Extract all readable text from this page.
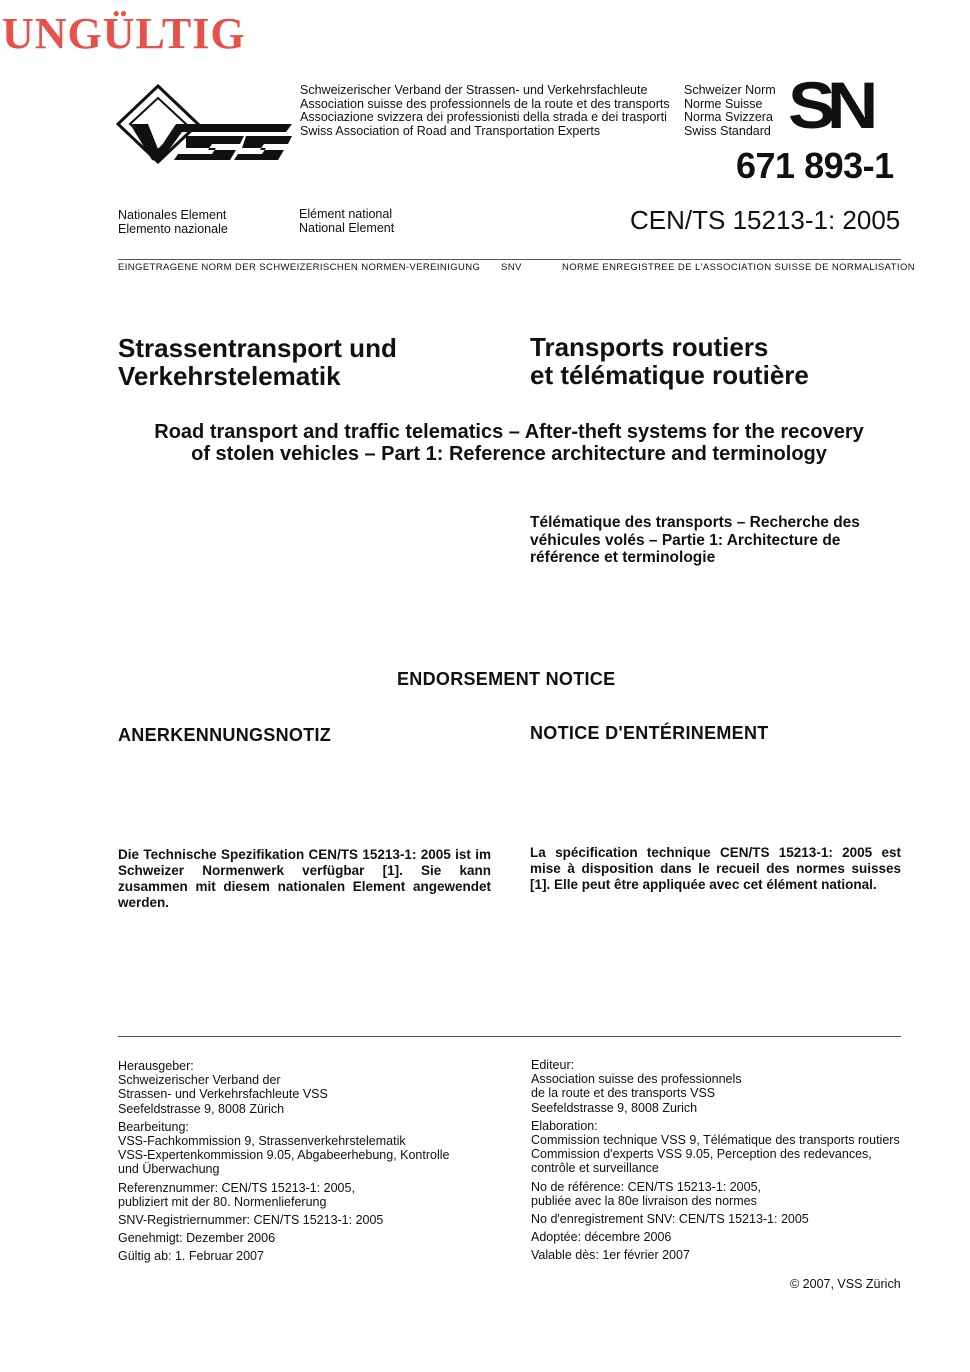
UNGÜLTIG
Schweizerischer Verband der Strassen- und Verkehrsfachleute
Association suisse des professionnels de la route et des transports
Associazione svizzera dei professionisti della strada e dei trasporti
Swiss Association of Road and Transportation Experts
Schweizer Norm
Norme Suisse
Norma Svizzera
Swiss Standard SN
671 893-1
CEN/TS 15213-1: 2005
Nationales Element
Elemento nazionale
Elément national
National Element
EINGETRAGENE NORM DER SCHWEIZERISCHEN NORMEN-VEREINIGUNG SNV	NORME ENREGISTREE DE L'ASSOCIATION SUISSE DE NORMALISATION
Strassentransport und
Verkehrstelematik
Transports routiers
et télématique routière
Road transport and traffic telematics – After-theft systems for the recovery
of stolen vehicles – Part 1: Reference architecture and terminology
Télématique des transports – Recherche des
véhicules volés – Partie 1: Architecture de
référence et terminologie
ENDORSEMENT NOTICE
ANERKENNUNGSNOTIZ	NOTICE D'ENTÉRINEMENT
Die Technische Spezifikation CEN/TS 15213-1: 2005 ist im Schweizer Normenwerk verfügbar [1]. Sie kann zusammen mit diesem nationalen Element angewendet werden.
La spécification technique CEN/TS 15213-1: 2005 est mise à disposition dans le recueil des normes suisses [1]. Elle peut être appliquée avec cet élément national.
Herausgeber:
Schweizerischer Verband der
Strassen- und Verkehrsfachleute VSS
Seefeldstrasse 9, 8008 Zürich
Bearbeitung:
VSS-Fachkommission 9, Strassenverkehrstelematik
VSS-Expertenkommission 9.05, Abgabeerhebung, Kontrolle
und Überwachung
Referenznummer: CEN/TS 15213-1: 2005,
publiziert mit der 80. Normenlieferung
SNV-Registriernummer: CEN/TS 15213-1: 2005
Genehmigt: Dezember 2006
Gültig ab: 1. Februar 2007
Editeur:
Association suisse des professionnels
de la route et des transports VSS
Seefeldstrasse 9, 8008 Zurich
Elaboration:
Commission technique VSS 9, Télématique des transports routiers
Commission d'experts VSS 9.05, Perception des redevances,
contrôle et surveillance
No de référence: CEN/TS 15213-1: 2005,
publiée avec la 80e livraison des normes
No d'enregistrement SNV: CEN/TS 15213-1: 2005
Adoptée: décembre 2006
Valable dès: 1er février 2007
© 2007, VSS Zürich
